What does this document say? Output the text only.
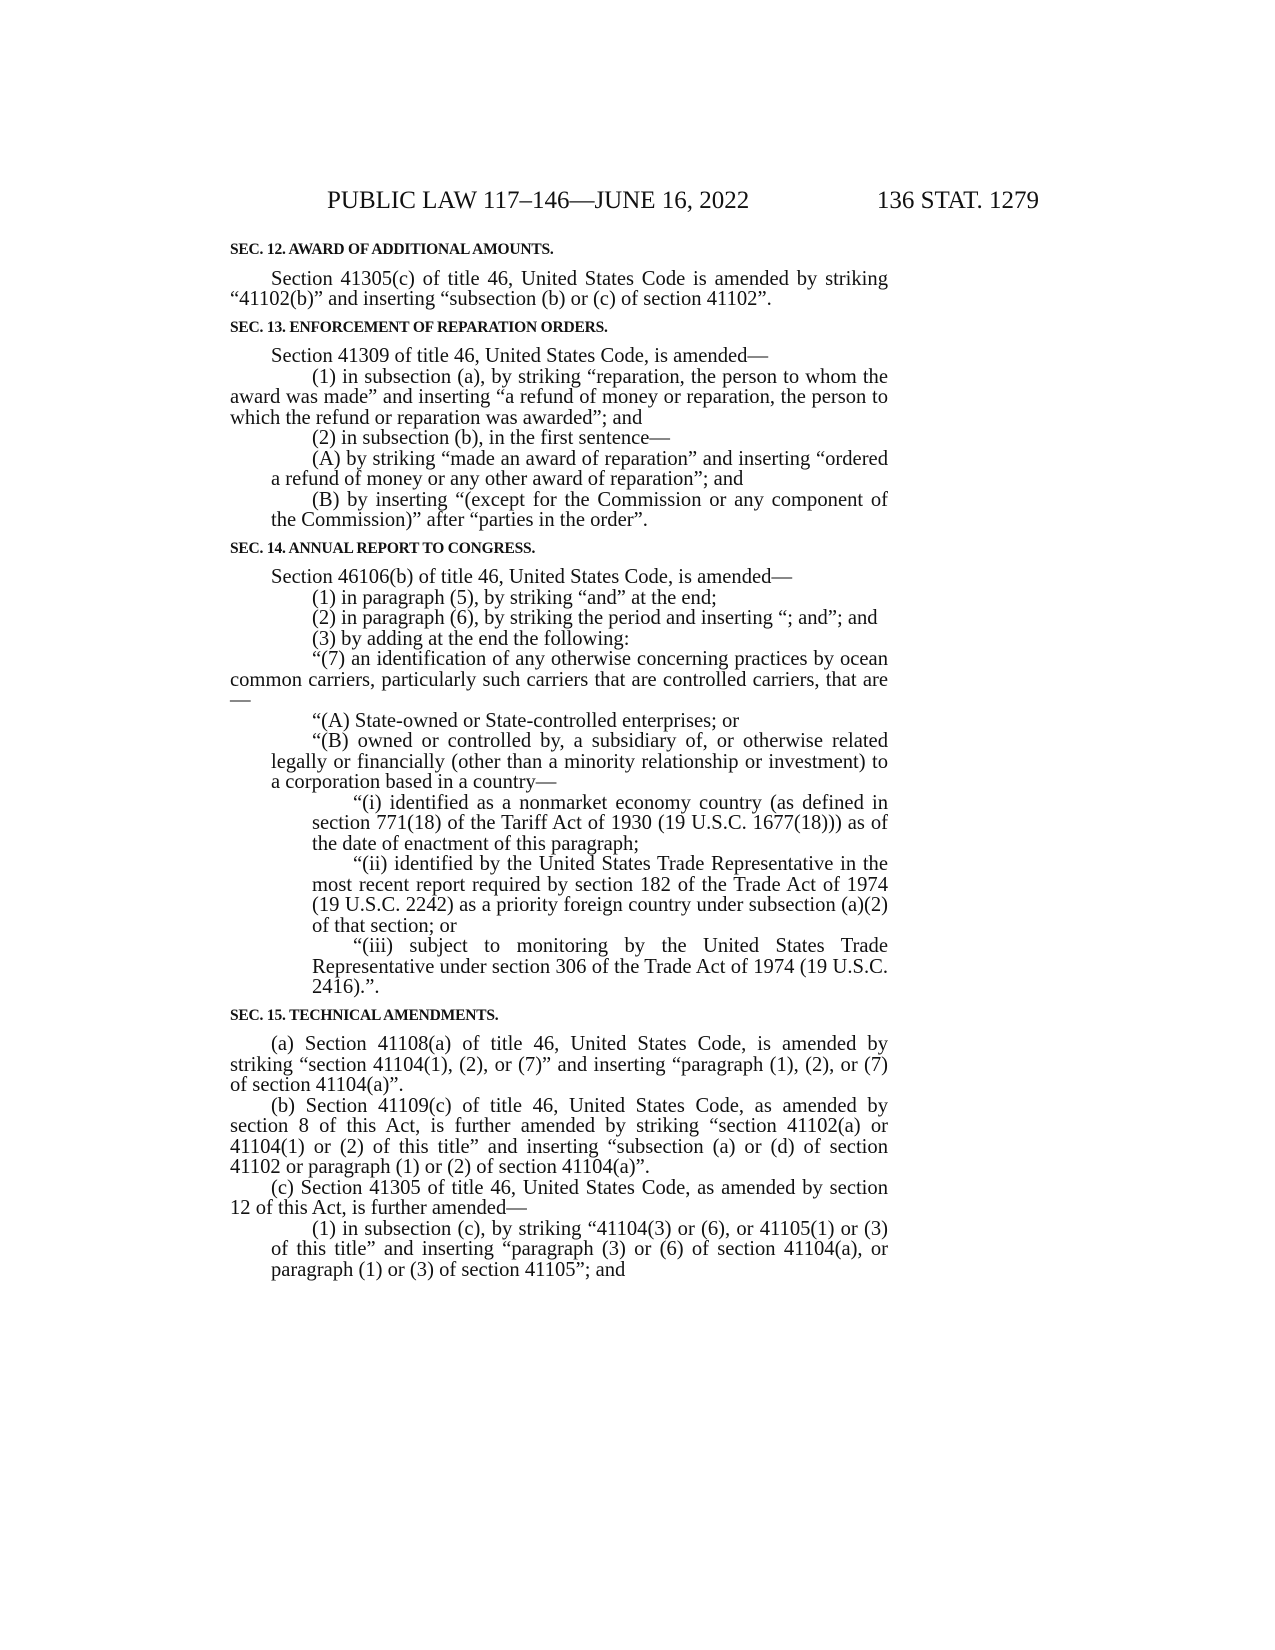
PUBLIC LAW 117–146—JUNE 16, 2022	136 STAT. 1279
SEC. 12. AWARD OF ADDITIONAL AMOUNTS.

Section 41305(c) of title 46, United States Code is amended by striking “41102(b)” and inserting “subsection (b) or (c) of section 41102”.

SEC. 13. ENFORCEMENT OF REPARATION ORDERS.

Section 41309 of title 46, United States Code, is amended—

(1) in subsection (a), by striking “reparation, the person to whom the award was made” and inserting “a refund of money or reparation, the person to which the refund or reparation was awarded”; and

(2) in subsection (b), in the first sentence—

(A) by striking “made an award of reparation” and inserting “ordered a refund of money or any other award of reparation”; and

(B) by inserting “(except for the Commission or any component of the Commission)” after “parties in the order”.

SEC. 14. ANNUAL REPORT TO CONGRESS.

Section 46106(b) of title 46, United States Code, is amended—

(1) in paragraph (5), by striking “and” at the end;

(2) in paragraph (6), by striking the period and inserting “; and”; and

(3) by adding at the end the following:

“(7) an identification of any otherwise concerning practices by ocean common carriers, particularly such carriers that are controlled carriers, that are—

“(A) State-owned or State-controlled enterprises; or

“(B) owned or controlled by, a subsidiary of, or otherwise related legally or financially (other than a minority relationship or investment) to a corporation based in a country—

“(i) identified as a nonmarket economy country (as defined in section 771(18) of the Tariff Act of 1930 (19 U.S.C. 1677(18))) as of the date of enactment of this paragraph;

“(ii) identified by the United States Trade Representative in the most recent report required by section 182 of the Trade Act of 1974 (19 U.S.C. 2242) as a priority foreign country under subsection (a)(2) of that section; or

“(iii) subject to monitoring by the United States Trade Representative under section 306 of the Trade Act of 1974 (19 U.S.C. 2416).”.

SEC. 15. TECHNICAL AMENDMENTS.

(a) Section 41108(a) of title 46, United States Code, is amended by striking “section 41104(1), (2), or (7)” and inserting “paragraph (1), (2), or (7) of section 41104(a)”.

(b) Section 41109(c) of title 46, United States Code, as amended by section 8 of this Act, is further amended by striking “section 41102(a) or 41104(1) or (2) of this title” and inserting “subsection (a) or (d) of section 41102 or paragraph (1) or (2) of section 41104(a)”.

(c) Section 41305 of title 46, United States Code, as amended by section 12 of this Act, is further amended—

(1) in subsection (c), by striking “41104(3) or (6), or 41105(1) or (3) of this title” and inserting “paragraph (3) or (6) of section 41104(a), or paragraph (1) or (3) of section 41105”; and
